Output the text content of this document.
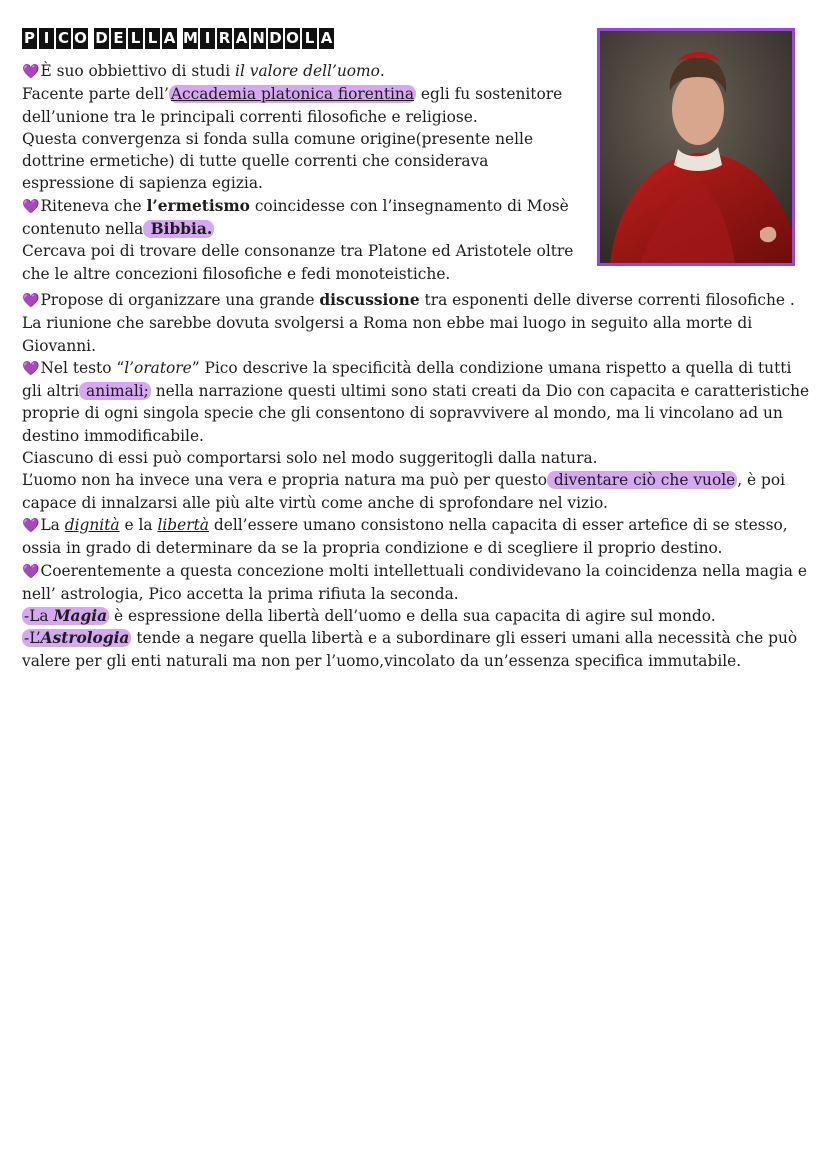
P I C O D E L L A M I R A N D O L A

💜È suo obbiettivo di studi il valore dell’uomo.

Facente parte dell’ Accademia platonica fiorentina egli fu sostenitore dell’unione tra le principali correnti filosofiche e religiose.

Questa convergenza si fonda sulla comune origine(presente nelle dottrine ermetiche) di tutte quelle correnti che considerava espressione di sapienza egizia.

💜Riteneva che l’ermetismo coincidesse con l’insegnamento di Mosè contenuto nella Bibbia.

Cercava poi di trovare delle consonanze tra Platone ed Aristotele oltre che le altre concezioni filosofiche e fedi monoteistiche.

💜Propose di organizzare una grande discussione tra esponenti delle diverse correnti filosofiche .

La riunione che sarebbe dovuta svolgersi a Roma non ebbe mai luogo in seguito alla morte di Giovanni.

💜Nel testo “l’oratore” Pico descrive la specificità della condizione umana rispetto a quella di tutti gli altri animali; nella narrazione questi ultimi sono stati creati da Dio con capacita e caratteristiche proprie di ogni singola specie che gli consentono di sopravvivere al mondo, ma li vincolano ad un destino immodificabile.

Ciascuno di essi può comportarsi solo nel modo suggeritogli dalla natura.

L’uomo non ha invece una vera e propria natura ma può per questo diventare ciò che vuole , è poi capace di innalzarsi alle più alte virtù come anche di sprofondare nel vizio.

💜La dignità e la libertà dell’essere umano consistono nella capacita di esser artefice di se stesso, ossia in grado di determinare da se la propria condizione e di scegliere il proprio destino.

💜Coerentemente a questa concezione molti intellettuali condividevano la coincidenza nella magia e nell’ astrologia, Pico accetta la prima rifiuta la seconda.

-La Magia è espressione della libertà dell’uomo e della sua capacita di agire sul mondo.

-L’Astrologia tende a negare quella libertà e a subordinare gli esseri umani alla necessità che può valere per gli enti naturali ma non per l’uomo,vincolato da un’essenza specifica immutabile.
